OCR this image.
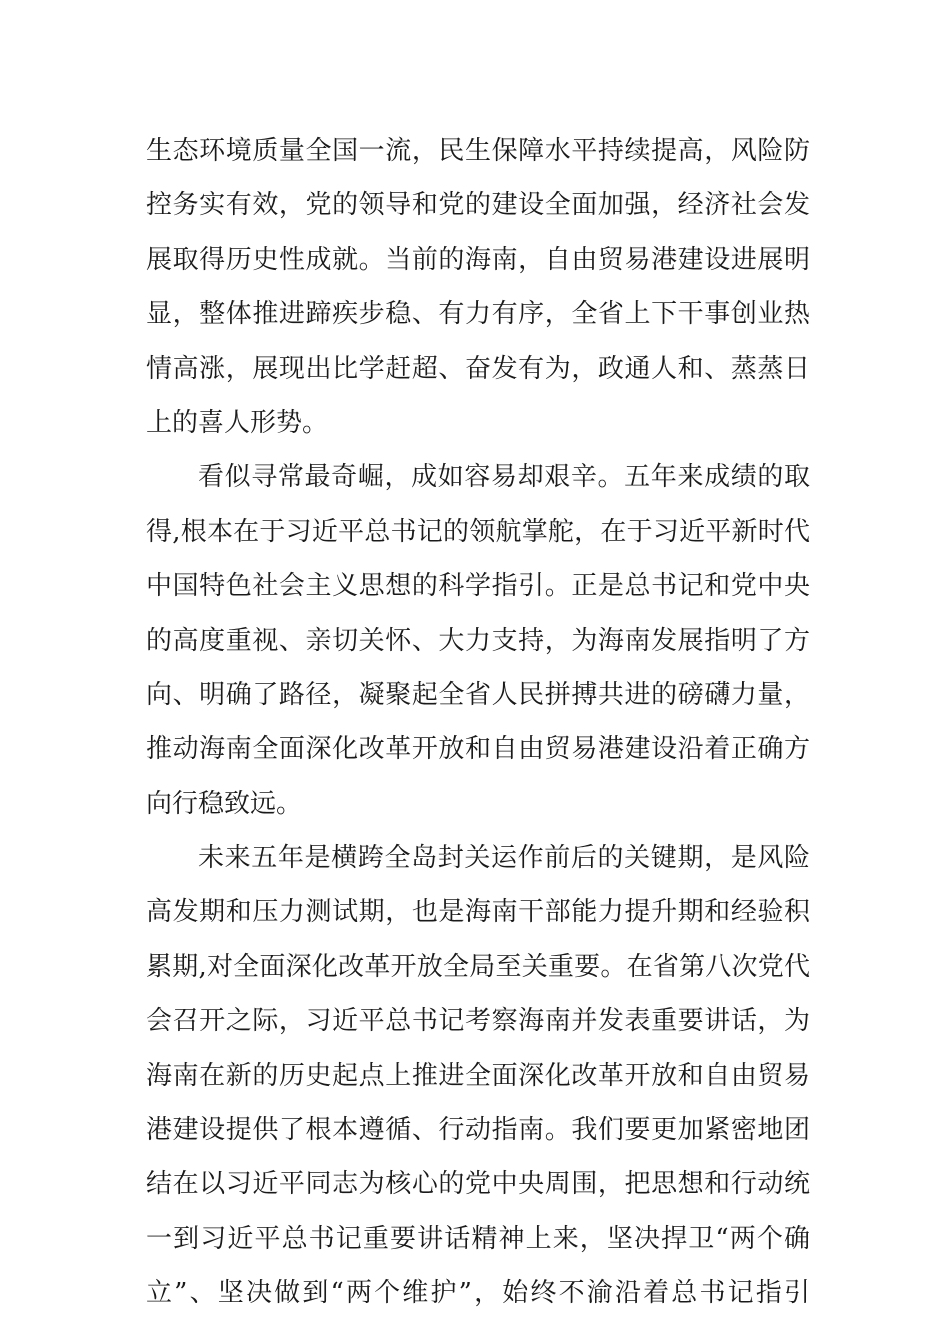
生态环境质量全国一流，民生保障水平持续提高，风险防
控务实有效，党的领导和党的建设全面加强，经济社会发
展取得历史性成就。当前的海南，自由贸易港建设进展明
显，整体推进蹄疾步稳、有力有序，全省上下干事创业热
情高涨，展现出比学赶超、奋发有为，政通人和、蒸蒸日
上的喜人形势。
看似寻常最奇崛，成如容易却艰辛。五年来成绩的取
得,根本在于习近平总书记的领航掌舵，在于习近平新时代
中国特色社会主义思想的科学指引。正是总书记和党中央
的高度重视、亲切关怀、大力支持，为海南发展指明了方
向、明确了路径，凝聚起全省人民拼搏共进的磅礴力量，
推动海南全面深化改革开放和自由贸易港建设沿着正确方
向行稳致远。
未来五年是横跨全岛封关运作前后的关键期，是风险
高发期和压力测试期，也是海南干部能力提升期和经验积
累期,对全面深化改革开放全局至关重要。在省第八次党代
会召开之际，习近平总书记考察海南并发表重要讲话，为
海南在新的历史起点上推进全面深化改革开放和自由贸易
港建设提供了根本遵循、行动指南。我们要更加紧密地团
结在以习近平同志为核心的党中央周围，把思想和行动统
一到习近平总书记重要讲话精神上来，坚决捍卫“两个确
立”、坚决做到“两个维护”，始终不渝沿着总书记指引
